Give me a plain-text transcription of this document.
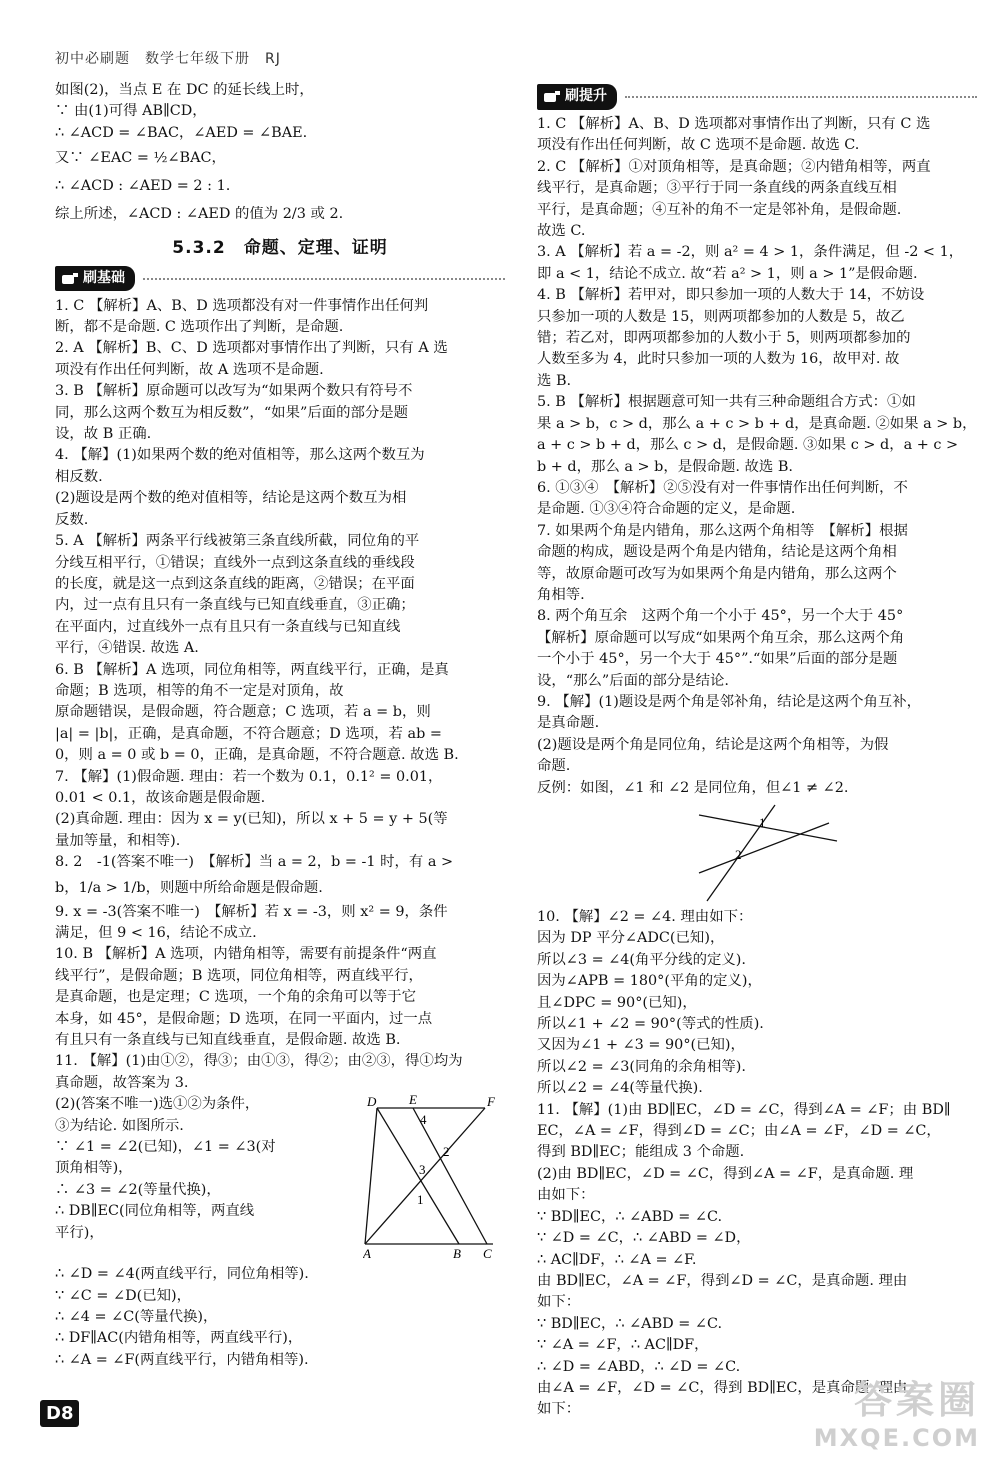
初中必刷题　数学七年级下册　RJ
如图(2)，当点 E 在 DC 的延长线上时，
∵ 由(1)可得 AB∥CD，
∴ ∠ACD = ∠BAC，∠AED = ∠BAE.
又∵ ∠EAC = ½∠BAC，
∴ ∠ACD : ∠AED = 2 : 1.
综上所述，∠ACD : ∠AED 的值为 2/3 或 2.
5.3.2　命题、定理、证明
刷基础
1. C 【解析】A、B、D 选项都没有对一件事情作出任何判
断，都不是命题. C 选项作出了判断，是命题.
2. A 【解析】B、C、D 选项都对事情作出了判断，只有 A 选
项没有作出任何判断，故 A 选项不是命题.
3. B 【解析】原命题可以改写为“如果两个数只有符号不
同，那么这两个数互为相反数”，“如果”后面的部分是题
设，故 B 正确.
4. 【解】(1)如果两个数的绝对值相等，那么这两个数互为
相反数.
(2)题设是两个数的绝对值相等，结论是这两个数互为相
反数.
5. A 【解析】两条平行线被第三条直线所截，同位角的平
分线互相平行，①错误；直线外一点到这条直线的垂线段
的长度，就是这一点到这条直线的距离，②错误；在平面
内，过一点有且只有一条直线与已知直线垂直，③正确；
在平面内，过直线外一点有且只有一条直线与已知直线
平行，④错误. 故选 A.
6. B 【解析】A 选项，同位角相等，两直线平行，正确，是真
命题；B 选项，相等的角不一定是对顶角，故
原命题错误，是假命题，符合题意；C 选项，若 a = b，则
|a| = |b|，正确，是真命题，不符合题意；D 选项，若 ab =
0，则 a = 0 或 b = 0，正确，是真命题，不符合题意. 故选 B.
7. 【解】(1)假命题. 理由：若一个数为 0.1，0.1² = 0.01，
0.01 < 0.1，故该命题是假命题.
(2)真命题. 理由：因为 x = y(已知)，所以 x + 5 = y + 5(等
量加等量，和相等).
8. 2　-1(答案不唯一)　【解析】当 a = 2，b = -1 时，有 a >
b，1/a > 1/b，则题中所给命题是假命题.
9. x = -3(答案不唯一)　【解析】若 x = -3，则 x² = 9，条件
满足，但 9 < 16，结论不成立.
10. B 【解析】A 选项，内错角相等，需要有前提条件“两直
线平行”，是假命题；B 选项，同位角相等，两直线平行，
是真命题，也是定理；C 选项，一个角的余角可以等于它
本身，如 45°，是假命题；D 选项，在同一平面内，过一点
有且只有一条直线与已知直线垂直，是假命题. 故选 B.
11. 【解】(1)由①②，得③；由①③，得②；由②③，得①均为
真命题，故答案为 3.
(2)(答案不唯一)选①②为条件，
③为结论. 如图所示.
∵ ∠1 = ∠2(已知)，∠1 = ∠3(对
顶角相等)，
∴ ∠3 = ∠2(等量代换)，
∴ DB∥EC(同位角相等，两直线
平行)，
D	E	F
A	B C
4
2
3
1
∴ ∠D = ∠4(两直线平行，同位角相等).
∵ ∠C = ∠D(已知)，
∴ ∠4 = ∠C(等量代换)，
∴ DF∥AC(内错角相等，两直线平行)，
∴ ∠A = ∠F(两直线平行，内错角相等).
刷提升
1. C 【解析】A、B、D 选项都对事情作出了判断，只有 C 选
项没有作出任何判断，故 C 选项不是命题. 故选 C.
2. C 【解析】①对顶角相等，是真命题；②内错角相等，两直
线平行，是真命题；③平行于同一条直线的两条直线互相
平行，是真命题；④互补的角不一定是邻补角，是假命题.
故选 C.
3. A 【解析】若 a = -2，则 a² = 4 > 1，条件满足，但 -2 < 1，
即 a < 1，结论不成立. 故“若 a² > 1，则 a > 1”是假命题.
4. B 【解析】若甲对，即只参加一项的人数大于 14，不妨设
只参加一项的人数是 15，则两项都参加的人数是 5，故乙
错；若乙对，即两项都参加的人数小于 5，则两项都参加的
人数至多为 4，此时只参加一项的人数为 16，故甲对. 故
选 B.
5. B 【解析】根据题意可知一共有三种命题组合方式：①如
果 a > b，c > d，那么 a + c > b + d，是真命题. ②如果 a > b，
a + c > b + d，那么 c > d，是假命题. ③如果 c > d，a + c >
b + d，那么 a > b，是假命题. 故选 B.
6. ①③④　【解析】②⑤没有对一件事情作出任何判断，不
是命题. ①③④符合命题的定义，是命题.
7. 如果两个角是内错角，那么这两个角相等　【解析】根据
命题的构成，题设是两个角是内错角，结论是这两个角相
等，故原命题可改写为如果两个角是内错角，那么这两个
角相等.
8. 两个角互余　这两个角一个小于 45°，另一个大于 45°
【解析】原命题可以写成“如果两个角互余，那么这两个角
一个小于 45°，另一个大于 45°”.“如果”后面的部分是题
设，“那么”后面的部分是结论.
9. 【解】(1)题设是两个角是邻补角，结论是这两个角互补，
是真命题.
(2)题设是两个角是同位角，结论是这两个角相等，为假
命题.
反例：如图，∠1 和 ∠2 是同位角，但∠1 ≠ ∠2.
1
2
10. 【解】∠2 = ∠4. 理由如下：
因为 DP 平分∠ADC(已知)，
所以∠3 = ∠4(角平分线的定义).
因为∠APB = 180°(平角的定义)，
且∠DPC = 90°(已知)，
所以∠1 + ∠2 = 90°(等式的性质).
又因为∠1 + ∠3 = 90°(已知)，
所以∠2 = ∠3(同角的余角相等).
所以∠2 = ∠4(等量代换).
11. 【解】(1)由 BD∥EC，∠D = ∠C，得到∠A = ∠F；由 BD∥
EC，∠A = ∠F，得到∠D = ∠C；由∠A = ∠F，∠D = ∠C，
得到 BD∥EC；能组成 3 个命题.
(2)由 BD∥EC，∠D = ∠C，得到∠A = ∠F，是真命题. 理
由如下：
∵ BD∥EC，∴ ∠ABD = ∠C.
∵ ∠D = ∠C，∴ ∠ABD = ∠D，
∴ AC∥DF，∴ ∠A = ∠F.
由 BD∥EC，∠A = ∠F，得到∠D = ∠C，是真命题. 理由
如下：
∵ BD∥EC，∴ ∠ABD = ∠C.
∵ ∠A = ∠F，∴ AC∥DF，
∴ ∠D = ∠ABD，∴ ∠D = ∠C.
由∠A = ∠F，∠D = ∠C，得到 BD∥EC，是真命题. 理由
如下：
D8	答案圈
MXQE.COM
